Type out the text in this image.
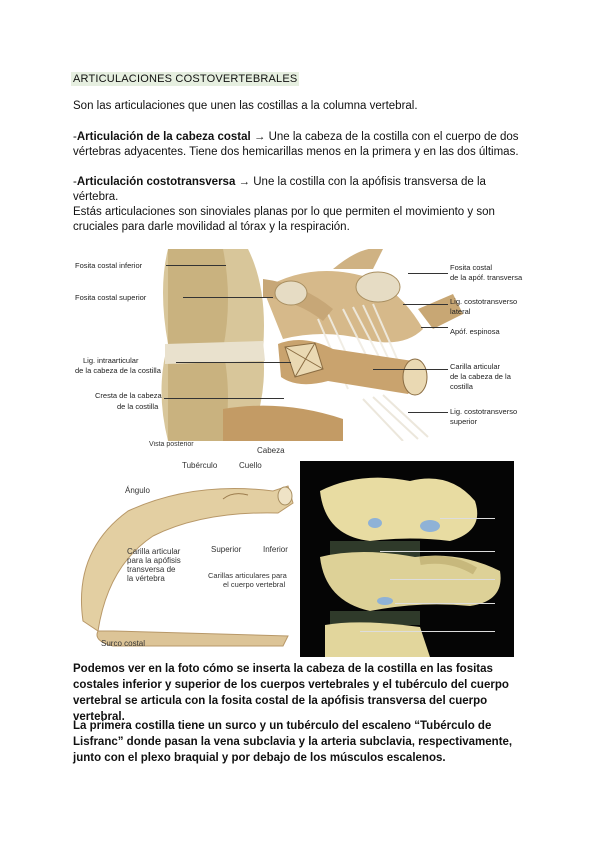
ARTICULACIONES COSTOVERTEBRALES

Son las articulaciones que unen las costillas a la columna vertebral.

-Articulación de la cabeza costal → Une la cabeza de la costilla con el cuerpo de dos vértebras adyacentes. Tiene dos hemicarillas menos en la primera y en las dos últimas.

-Articulación costotransversa → Une la costilla con la apófisis transversa de la vértebra.

Estás articulaciones son sinoviales planas por lo que permiten el movimiento y son cruciales para darle movilidad al tórax y la respiración.

Fosita costal inferior
Fosita costal superior
Lig. intraarticular
de la cabeza de la costilla
Cresta de la cabeza
de la costilla
Fosita costal
de la apóf. transversa
Lig. costotransverso
lateral
Apóf. espinosa
Carilla articular
de la cabeza de la
costilla
Lig. costotransverso
superior
Vista posterior
Cabeza
Tubérculo	Cuello
Ángulo
Carilla articular
para la apófisis
transversa de
la vértebra
Superior	Inferior
Carillas articulares para
el cuerpo vertebral
Surco costal

Podemos ver en la foto cómo se inserta la cabeza de la costilla en las fositas costales inferior y superior de los cuerpos vertebrales y el tubérculo del cuerpo vertebral se articula con la fosita costal de la apófisis transversa del cuerpo vertebral.

La primera costilla tiene un surco y un tubérculo del escaleno “Tubérculo de Lisfranc” donde pasan la vena subclavia y la arteria subclavia, respectivamente, junto con el plexo braquial y por debajo de los músculos escalenos.
